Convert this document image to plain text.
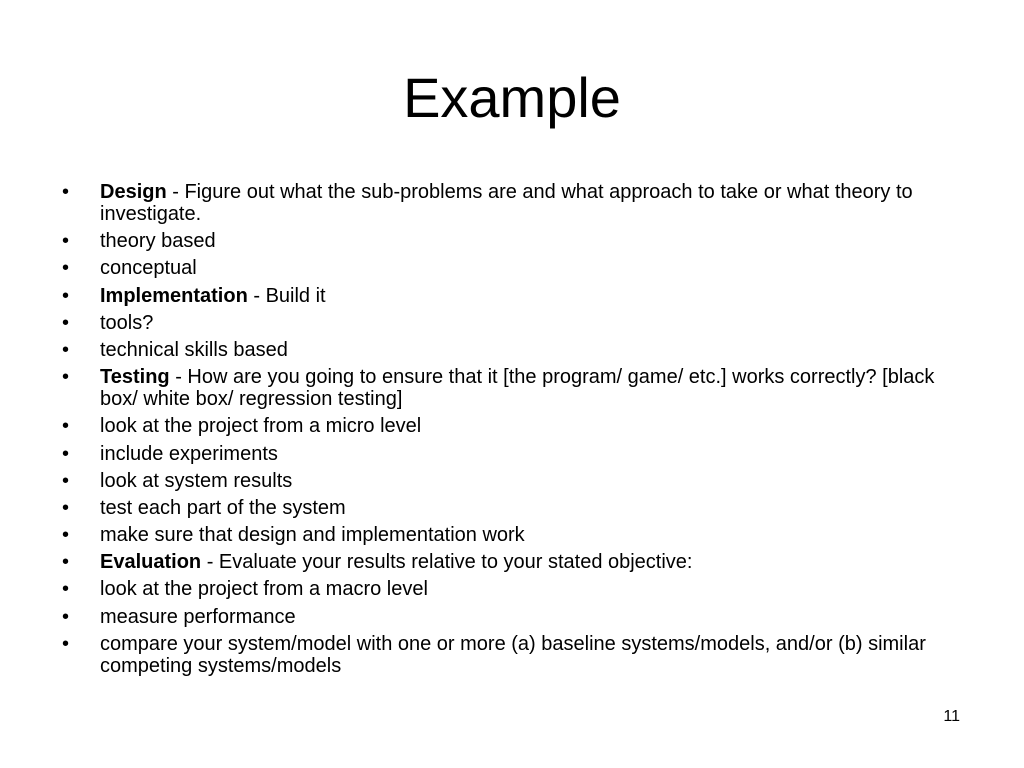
Example
•	Design - Figure out what the sub-problems are and what approach to take or what theory to investigate.
•	theory based
•	conceptual
•	Implementation - Build it
•	tools?
•	technical skills based
•	Testing - How are you going to ensure that it [the program/ game/ etc.] works correctly? [black box/ white box/ regression testing]
•	look at the project from a micro level
•	include experiments
•	look at system results
•	test each part of the system
•	make sure that design and implementation work
•	Evaluation - Evaluate your results relative to your stated objective:
•	look at the project from a macro level
•	measure performance
•	compare your system/model with one or more (a) baseline systems/models, and/or (b) similar competing systems/models
11
